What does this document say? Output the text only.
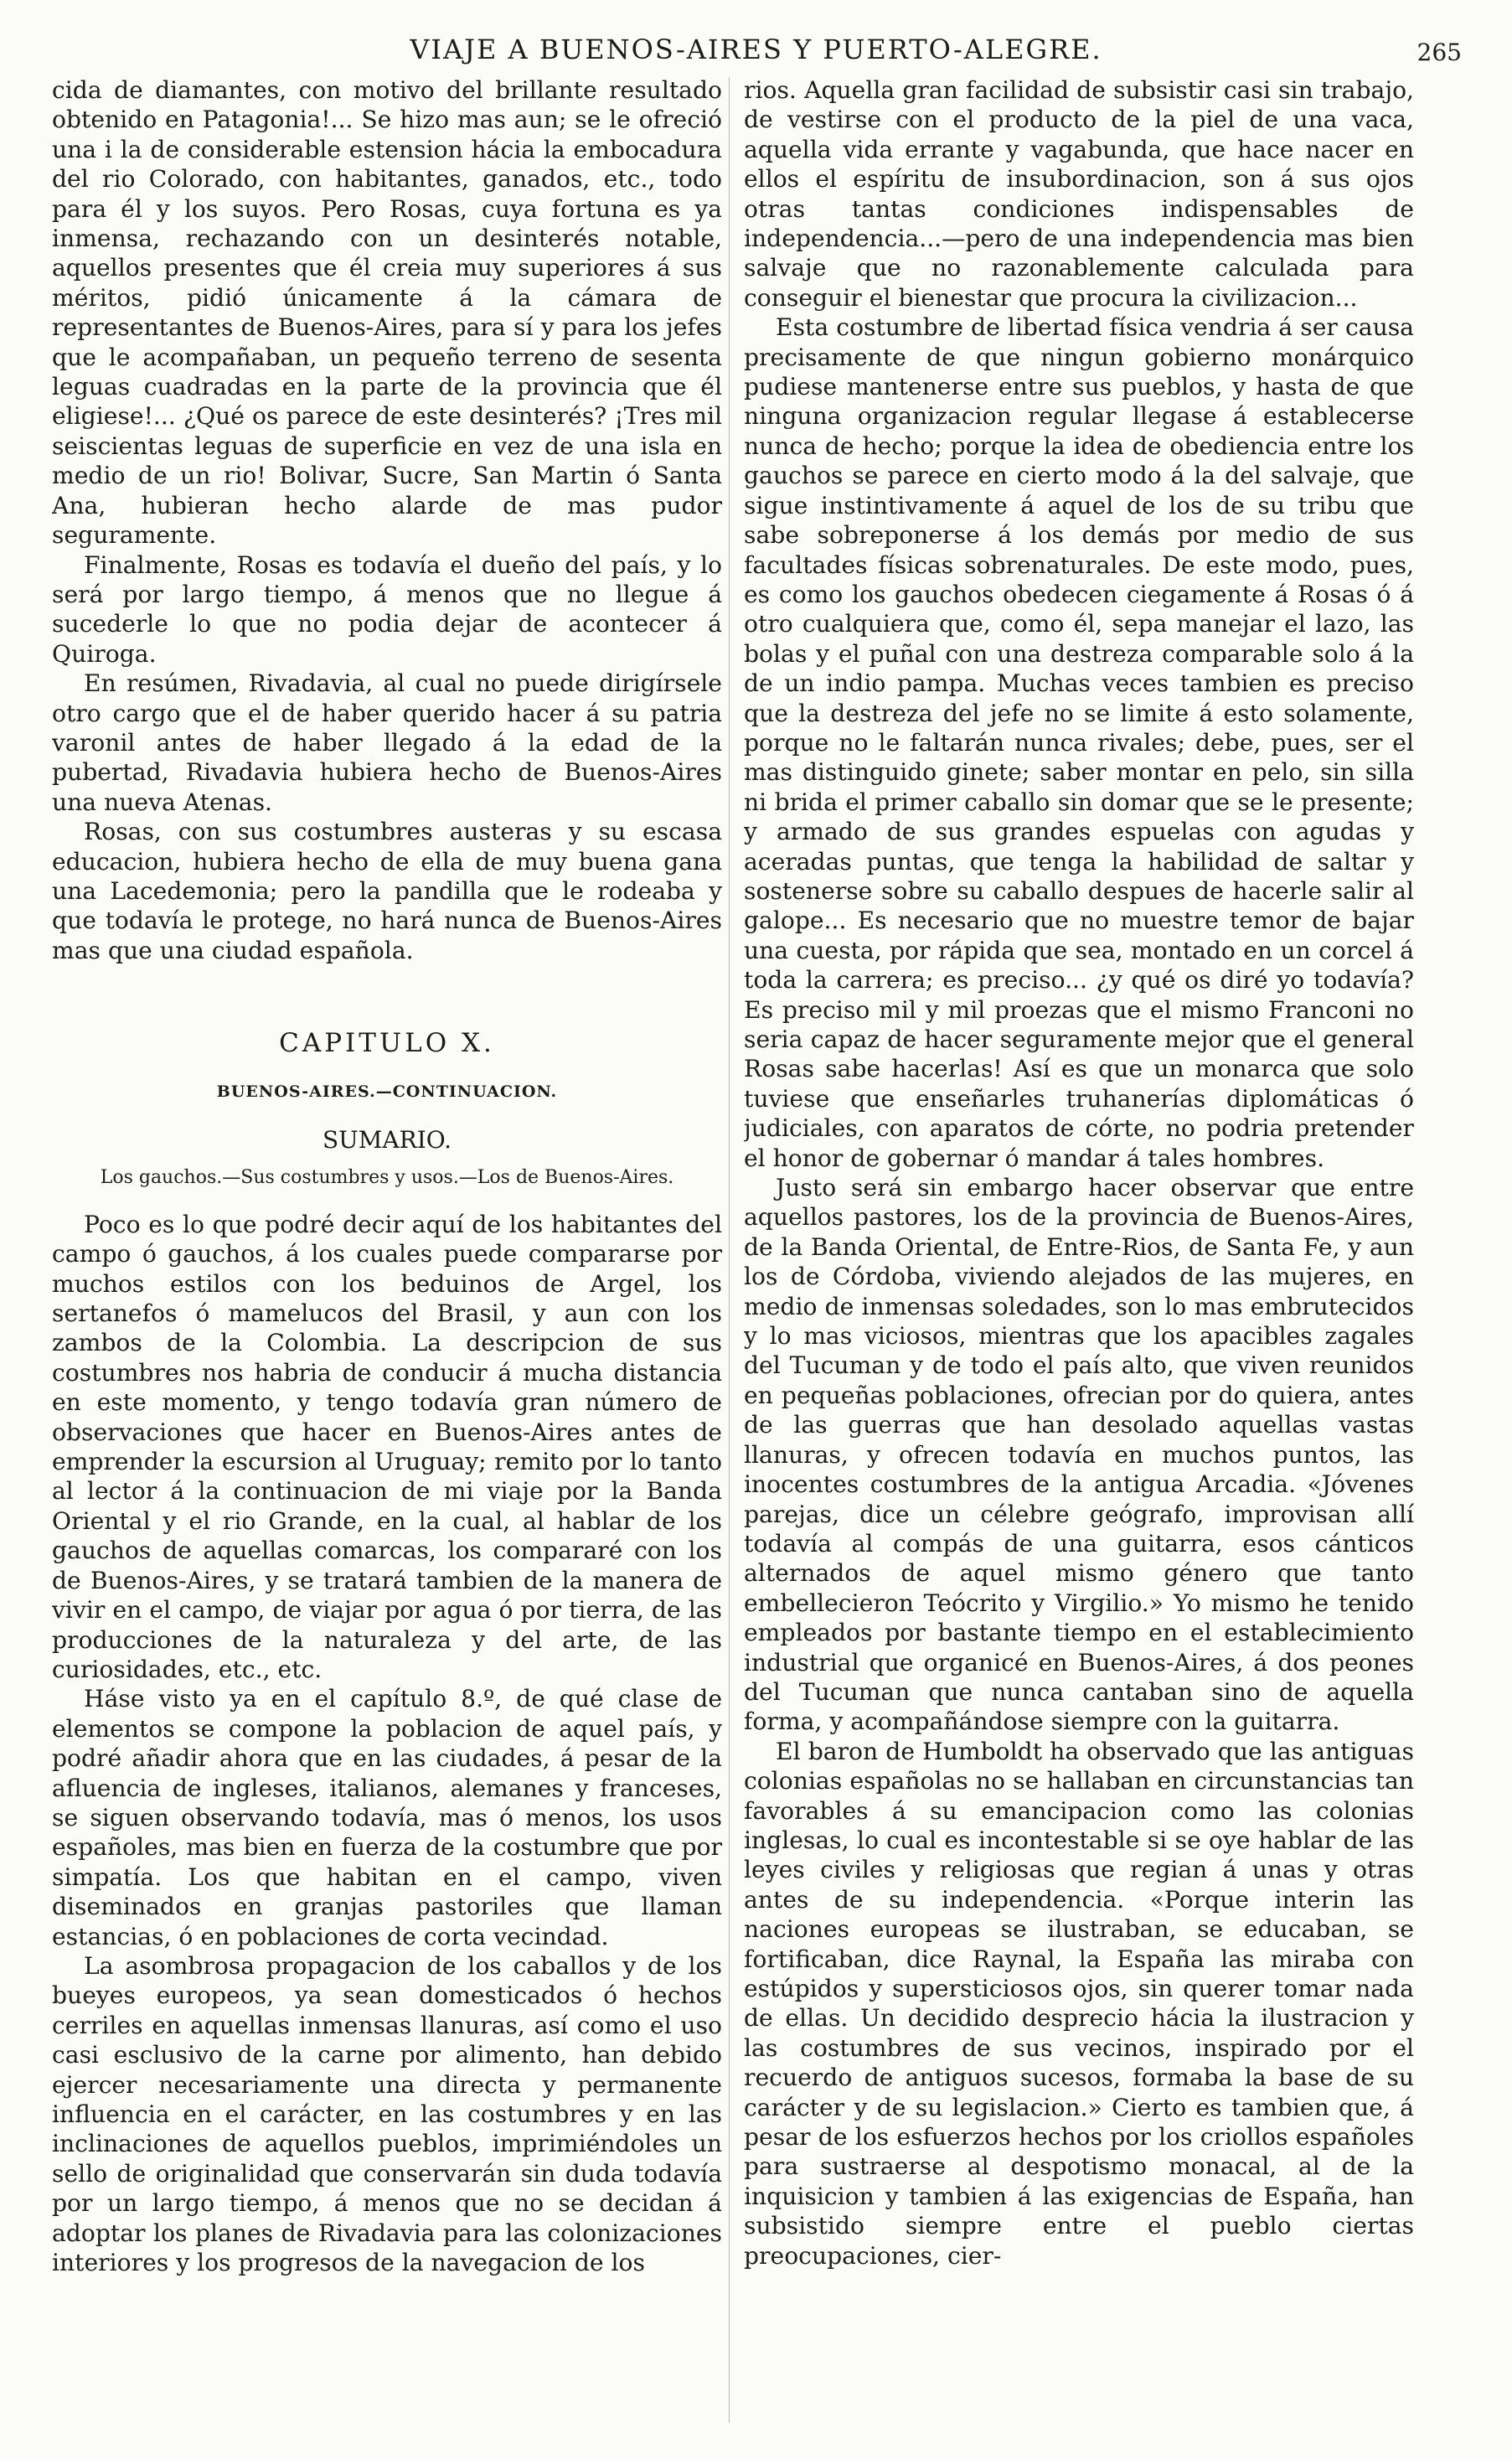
VIAJE A BUENOS-AIRES Y PUERTO-ALEGRE.	265

cida de diamantes, con motivo del brillante resultado obtenido en Patagonia!... Se hizo mas aun; se le ofreció una i la de considerable estension hácia la embocadura del rio Colorado, con habitantes, ganados, etc., todo para él y los suyos. Pero Rosas, cuya fortuna es ya inmensa, rechazando con un desinterés notable, aquellos presentes que él creia muy superiores á sus méritos, pidió únicamente á la cámara de representantes de Buenos-Aires, para sí y para los jefes que le acompañaban, un pequeño terreno de sesenta leguas cuadradas en la parte de la provincia que él eligiese!... ¿Qué os parece de este desinterés? ¡Tres mil seiscientas leguas de superficie en vez de una isla en medio de un rio! Bolivar, Sucre, San Martin ó Santa Ana, hubieran hecho alarde de mas pudor seguramente.

Finalmente, Rosas es todavía el dueño del país, y lo será por largo tiempo, á menos que no llegue á sucederle lo que no podia dejar de acontecer á Quiroga.

En resúmen, Rivadavia, al cual no puede dirigírsele otro cargo que el de haber querido hacer á su patria varonil antes de haber llegado á la edad de la pubertad, Rivadavia hubiera hecho de Buenos-Aires una nueva Atenas.

Rosas, con sus costumbres austeras y su escasa educacion, hubiera hecho de ella de muy buena gana una Lacedemonia; pero la pandilla que le rodeaba y que todavía le protege, no hará nunca de Buenos-Aires mas que una ciudad española.

CAPITULO X.
BUENOS-AIRES.—CONTINUACION.
SUMARIO.
Los gauchos.—Sus costumbres y usos.—Los de Buenos-Aires.

Poco es lo que podré decir aquí de los habitantes del campo ó gauchos, á los cuales puede compararse por muchos estilos con los beduinos de Argel, los sertanefos ó mamelucos del Brasil, y aun con los zambos de la Colombia. La descripcion de sus costumbres nos habria de conducir á mucha distancia en este momento, y tengo todavía gran número de observaciones que hacer en Buenos-Aires antes de emprender la escursion al Uruguay; remito por lo tanto al lector á la continuacion de mi viaje por la Banda Oriental y el rio Grande, en la cual, al hablar de los gauchos de aquellas comarcas, los compararé con los de Buenos-Aires, y se tratará tambien de la manera de vivir en el campo, de viajar por agua ó por tierra, de las producciones de la naturaleza y del arte, de las curiosidades, etc., etc.

Háse visto ya en el capítulo 8.º, de qué clase de elementos se compone la poblacion de aquel país, y podré añadir ahora que en las ciudades, á pesar de la afluencia de ingleses, italianos, alemanes y franceses, se siguen observando todavía, mas ó menos, los usos españoles, mas bien en fuerza de la costumbre que por simpatía. Los que habitan en el campo, viven diseminados en granjas pastoriles que llaman estancias, ó en poblaciones de corta vecindad.

La asombrosa propagacion de los caballos y de los bueyes europeos, ya sean domesticados ó hechos cerriles en aquellas inmensas llanuras, así como el uso casi esclusivo de la carne por alimento, han debido ejercer necesariamente una directa y permanente influencia en el carácter, en las costumbres y en las inclinaciones de aquellos pueblos, imprimiéndoles un sello de originalidad que conservarán sin duda todavía por un largo tiempo, á menos que no se decidan á adoptar los planes de Rivadavia para las colonizaciones interiores y los progresos de la navegacion de los

rios. Aquella gran facilidad de subsistir casi sin trabajo, de vestirse con el producto de la piel de una vaca, aquella vida errante y vagabunda, que hace nacer en ellos el espíritu de insubordinacion, son á sus ojos otras tantas condiciones indispensables de independencia...—pero de una independencia mas bien salvaje que no razonablemente calculada para conseguir el bienestar que procura la civilizacion...

Esta costumbre de libertad física vendria á ser causa precisamente de que ningun gobierno monárquico pudiese mantenerse entre sus pueblos, y hasta de que ninguna organizacion regular llegase á establecerse nunca de hecho; porque la idea de obediencia entre los gauchos se parece en cierto modo á la del salvaje, que sigue instintivamente á aquel de los de su tribu que sabe sobreponerse á los demás por medio de sus facultades físicas sobrenaturales. De este modo, pues, es como los gauchos obedecen ciegamente á Rosas ó á otro cualquiera que, como él, sepa manejar el lazo, las bolas y el puñal con una destreza comparable solo á la de un indio pampa. Muchas veces tambien es preciso que la destreza del jefe no se limite á esto solamente, porque no le faltarán nunca rivales; debe, pues, ser el mas distinguido ginete; saber montar en pelo, sin silla ni brida el primer caballo sin domar que se le presente; y armado de sus grandes espuelas con agudas y aceradas puntas, que tenga la habilidad de saltar y sostenerse sobre su caballo despues de hacerle salir al galope... Es necesario que no muestre temor de bajar una cuesta, por rápida que sea, montado en un corcel á toda la carrera; es preciso... ¿y qué os diré yo todavía? Es preciso mil y mil proezas que el mismo Franconi no seria capaz de hacer seguramente mejor que el general Rosas sabe hacerlas! Así es que un monarca que solo tuviese que enseñarles truhanerías diplomáticas ó judiciales, con aparatos de córte, no podria pretender el honor de gobernar ó mandar á tales hombres.

Justo será sin embargo hacer observar que entre aquellos pastores, los de la provincia de Buenos-Aires, de la Banda Oriental, de Entre-Rios, de Santa Fe, y aun los de Córdoba, viviendo alejados de las mujeres, en medio de inmensas soledades, son lo mas embrutecidos y lo mas viciosos, mientras que los apacibles zagales del Tucuman y de todo el país alto, que viven reunidos en pequeñas poblaciones, ofrecian por do quiera, antes de las guerras que han desolado aquellas vastas llanuras, y ofrecen todavía en muchos puntos, las inocentes costumbres de la antigua Arcadia. «Jóvenes parejas, dice un célebre geógrafo, improvisan allí todavía al compás de una guitarra, esos cánticos alternados de aquel mismo género que tanto embellecieron Teócrito y Virgilio.» Yo mismo he tenido empleados por bastante tiempo en el establecimiento industrial que organicé en Buenos-Aires, á dos peones del Tucuman que nunca cantaban sino de aquella forma, y acompañándose siempre con la guitarra.

El baron de Humboldt ha observado que las antiguas colonias españolas no se hallaban en circunstancias tan favorables á su emancipacion como las colonias inglesas, lo cual es incontestable si se oye hablar de las leyes civiles y religiosas que regian á unas y otras antes de su independencia. «Porque interin las naciones europeas se ilustraban, se educaban, se fortificaban, dice Raynal, la España las miraba con estúpidos y supersticiosos ojos, sin querer tomar nada de ellas. Un decidido desprecio hácia la ilustracion y las costumbres de sus vecinos, inspirado por el recuerdo de antiguos sucesos, formaba la base de su carácter y de su legislacion.» Cierto es tambien que, á pesar de los esfuerzos hechos por los criollos españoles para sustraerse al despotismo monacal, al de la inquisicion y tambien á las exigencias de España, han subsistido siempre entre el pueblo ciertas preocupaciones, cier-
